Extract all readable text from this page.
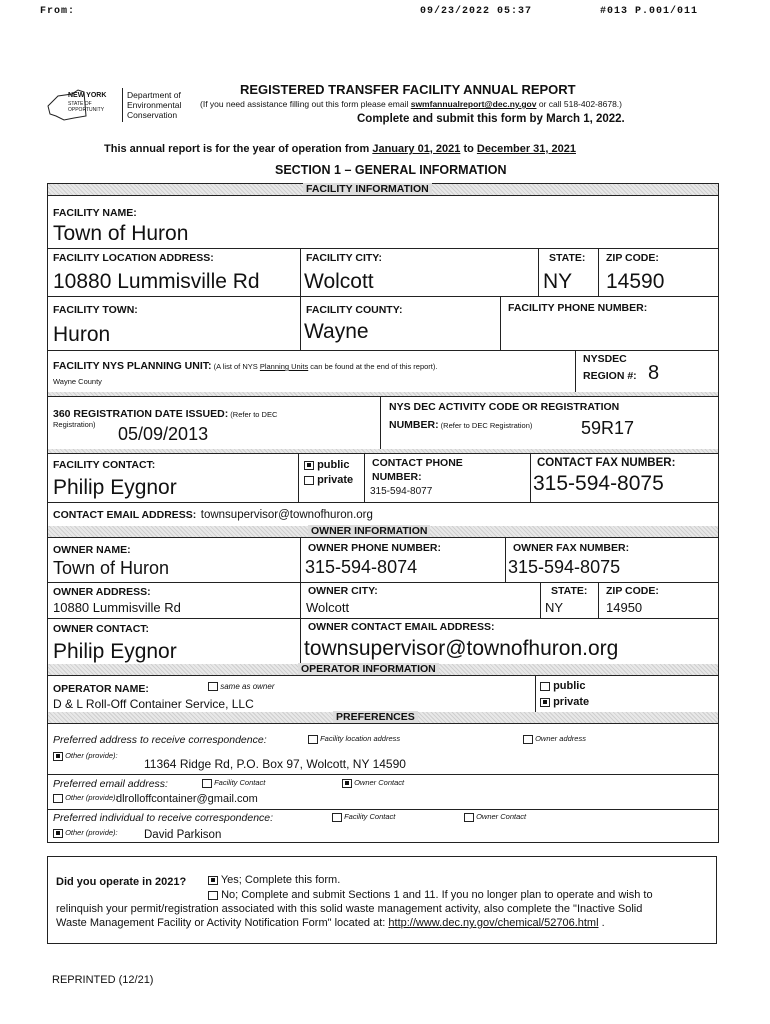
From:	09/23/2022 05:37	#013 P.001/011
NEW YORK
STATE OF OPPORTUNITY
Department of
Environmental
Conservation
REGISTERED TRANSFER FACILITY ANNUAL REPORT
(If you need assistance filling out this form please email swmfannualreport@dec.ny.gov or call 518-402-8678.)
Complete and submit this form by March 1, 2022.
This annual report is for the year of operation from January 01, 2021 to December 31, 2021
SECTION 1 – GENERAL INFORMATION
FACILITY INFORMATION
FACILITY NAME:
Town of Huron
FACILITY LOCATION ADDRESS:
10880 Lummisville Rd
FACILITY CITY:
Wolcott
STATE:
NY
ZIP CODE:
14590
FACILITY TOWN:
Huron
FACILITY COUNTY:
Wayne
FACILITY PHONE NUMBER:
FACILITY NYS PLANNING UNIT: (A list of NYS Planning Units can be found at the end of this report).
Wayne County
NYSDEC
REGION #: 8
360 REGISTRATION DATE ISSUED: (Refer to DEC
Registration) 05/09/2013
NYS DEC ACTIVITY CODE OR REGISTRATION
NUMBER: (Refer to DEC Registration)	59R17
FACILITY CONTACT:
Philip Eygnor
public
private
CONTACT PHONE
NUMBER:
315-594-8077
CONTACT FAX NUMBER:
315-594-8075
CONTACT EMAIL ADDRESS: townsupervisor@townofhuron.org
OWNER INFORMATION
OWNER NAME:
Town of Huron
OWNER PHONE NUMBER:
315-594-8074
OWNER FAX NUMBER:
315-594-8075
OWNER ADDRESS:
10880 Lummisville Rd
OWNER CITY:
Wolcott
STATE:
NY
ZIP CODE:
14950
OWNER CONTACT:
Philip Eygnor
OWNER CONTACT EMAIL ADDRESS:
townsupervisor@townofhuron.org
OPERATOR INFORMATION
OPERATOR NAME:	same as owner
D & L Roll-Off Container Service, LLC
public
private
PREFERENCES
Preferred address to receive correspondence:	Facility location address	Owner address
Other (provide):
11364 Ridge Rd, P.O. Box 97, Wolcott, NY 14590
Preferred email address:	Facility Contact	Owner Contact
Other (provide):
dlrolloffcontainer@gmail.com
Preferred individual to receive correspondence:	Facility Contact	Owner Contact
Other (provide): David Parkison
Did you operate in 2021?	Yes; Complete this form.
No; Complete and submit Sections 1 and 11. If you no longer plan to operate and wish to
relinquish your permit/registration associated with this solid waste management activity, also complete the "Inactive Solid
Waste Management Facility or Activity Notification Form" located at: http://www.dec.ny.gov/chemical/52706.html .
REPRINTED (12/21)
